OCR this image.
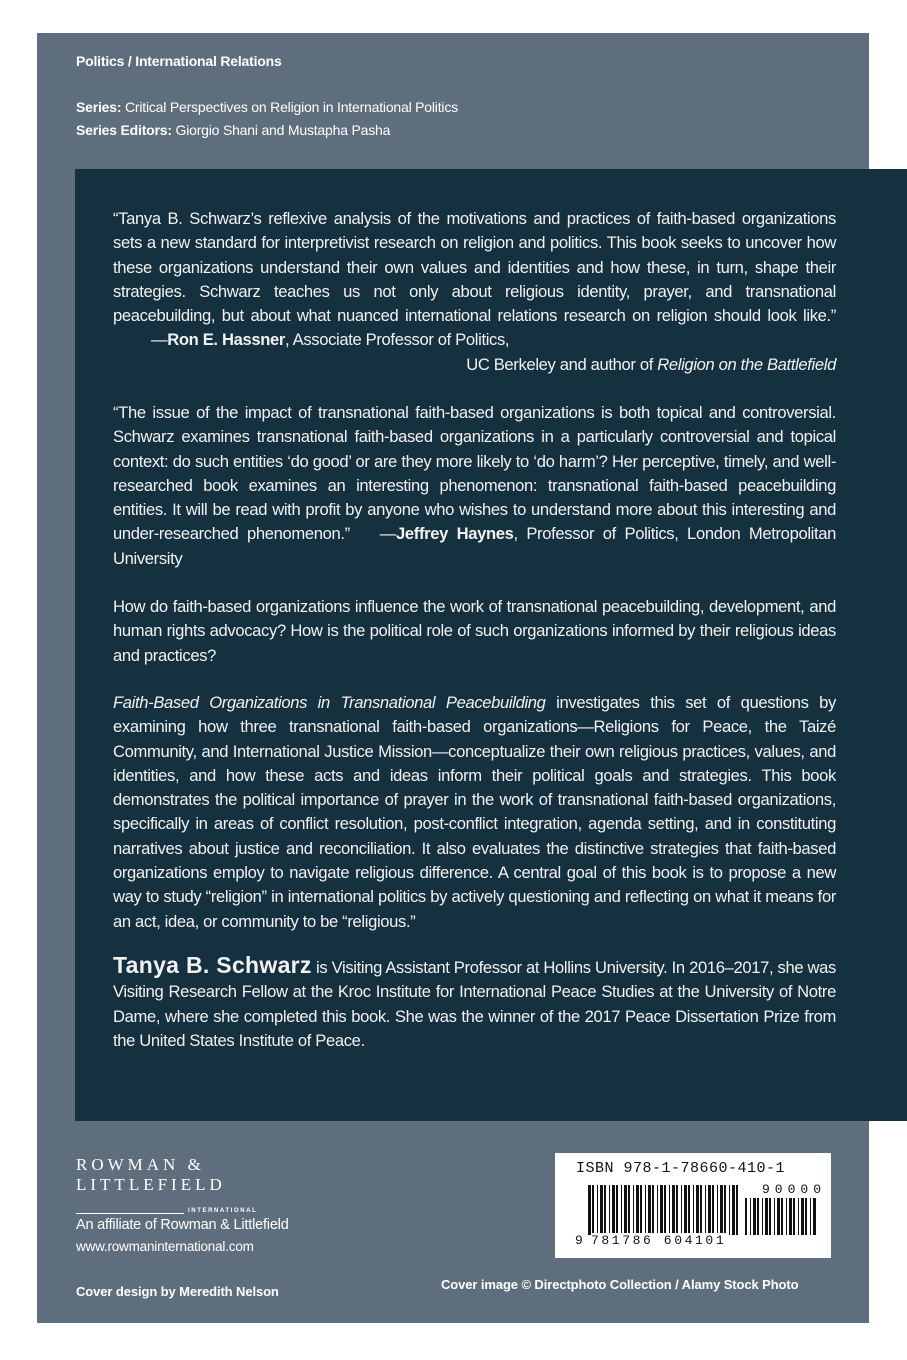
Politics / International Relations
Series: Critical Perspectives on Religion in International Politics
Series Editors: Giorgio Shani and Mustapha Pasha

“Tanya B. Schwarz’s reflexive analysis of the motivations and practices of faith-based organizations sets a new standard for interpretivist research on religion and politics. This book seeks to uncover how these organizations understand their own values and identities and how these, in turn, shape their strategies. Schwarz teaches us not only about religious identity, prayer, and transnational peacebuilding, but about what nuanced international relations research on religion should look like.”—Ron E. Hassner, Associate Professor of Politics,

UC Berkeley and author of Religion on the Battlefield

“The issue of the impact of transnational faith-based organizations is both topical and controversial. Schwarz examines transnational faith-based organizations in a particularly controversial and topical context: do such entities ‘do good’ or are they more likely to ‘do harm’? Her perceptive, timely, and well-researched book examines an interesting phenomenon: transnational faith-based peacebuilding entities. It will be read with profit by anyone who wishes to understand more about this interesting and under-researched phenomenon.” —Jeffrey Haynes, Professor of Politics, London Metropolitan University

How do faith-based organizations influence the work of transnational peacebuilding, development, and human rights advocacy? How is the political role of such organizations informed by their religious ideas and practices?

Faith-Based Organizations in Transnational Peacebuilding investigates this set of questions by examining how three transnational faith-based organizations—Religions for Peace, the Taizé Community, and International Justice Mission—conceptualize their own religious practices, values, and identities, and how these acts and ideas inform their political goals and strategies. This book demonstrates the political importance of prayer in the work of transnational faith-based organizations, specifically in areas of conflict resolution, post-conflict integration, agenda setting, and in constituting narratives about justice and reconciliation. It also evaluates the distinctive strategies that faith-based organizations employ to navigate religious difference. A central goal of this book is to propose a new way to study “religion” in international politics by actively questioning and reflecting on what it means for an act, idea, or community to be “religious.”

Tanya B. Schwarz is Visiting Assistant Professor at Hollins University. In 2016–2017, she was Visiting Research Fellow at the Kroc Institute for International Peace Studies at the University of Notre Dame, where she completed this book. She was the winner of the 2017 Peace Dissertation Prize from the United States Institute of Peace.

ROWMAN &
LITTLEFIELD
INTERNATIONAL
An affiliate of Rowman & Littlefield
www.rowmaninternational.com
ISBN 978-1-78660-410-1
9 781786 604101
90000
Cover design by Meredith Nelson	Cover image © Directphoto Collection / Alamy Stock Photo
